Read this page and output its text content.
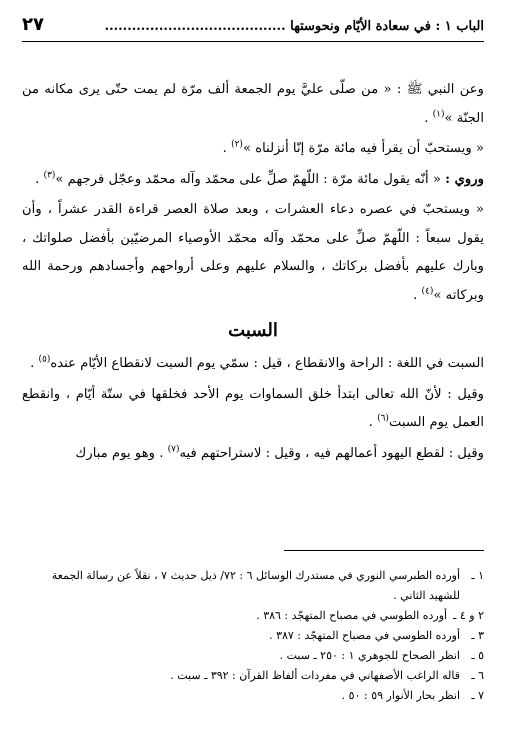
الباب ١ : في سعادة الأيّام ونحوستها ........................................
٢٧

وعن النبي ﷺ : « من صلّى عليَّ يوم الجمعة ألف مرّة لم يمت حتّى يرى مكانه من الجنّة »$^{(١)}$ .

« ويستحبّ أن يقرأ فيه مائة مرّة إنّا أنزلناه »$^{(٢)}$ .

وروي : « أنّه يقول مائة مرّة : اللّهمّ صلِّ على محمّد وآله محمّد وعجّل فرجهم »$^{(٣)}$ .

« ويستحبّ في عصره دعاء العشرات ، وبعد صلاة العصر قراءة القدر عشراً ، وأن يقول سبعاً : اللّهمّ صلِّ على محمّد وآله محمّد الأوصياء المرضيّين بأفضل صلواتك ، وبارك عليهم بأفضل بركاتك ، والسلام عليهم وعلى أرواحهم وأجسادهم ورحمة الله وبركاته »$^{(٤)}$ .

السبت

السبت في اللغة : الراحة والانقطاع ، قيل : سمّي يوم السبت لانقطاع الأيّام عنده$^{(٥)}$ .

وقيل : لأنّ الله تعالى ابتدأ خلق السماوات يوم الأحد فخلقها في ستّة أيّام ، وانقطع العمل يوم السبت$^{(٦)}$ .

وقيل : لقطع اليهود أعمالهم فيه ، وقيل : لاستراحتهم فيه$^{(٧)}$ . وهو يوم مبارك

١ ـ
أورده الطبرسي النوري في مستدرك الوسائل ٦ : ٧٢/ ذيل حديث ٧ ، نقلاً عن رسالة الجمعة للشهيد الثاني .

٢ و ٤ ـ
أورده الطوسي في مصباح المتهجّد : ٣٨٦ .

٣ ـ
أورده الطوسي في مصباح المتهجّد : ٣٨٧ .

٥ ـ
انظر الصحاح للجوهري ١ : ٢٥٠ ـ سبت .

٦ ـ
قاله الراغب الأصفهاني في مفردات ألفاظ القرآن : ٣٩٢ ـ سبت .

٧ ـ
انظر بحار الأنوار ٥٩ : ٥٠ .
